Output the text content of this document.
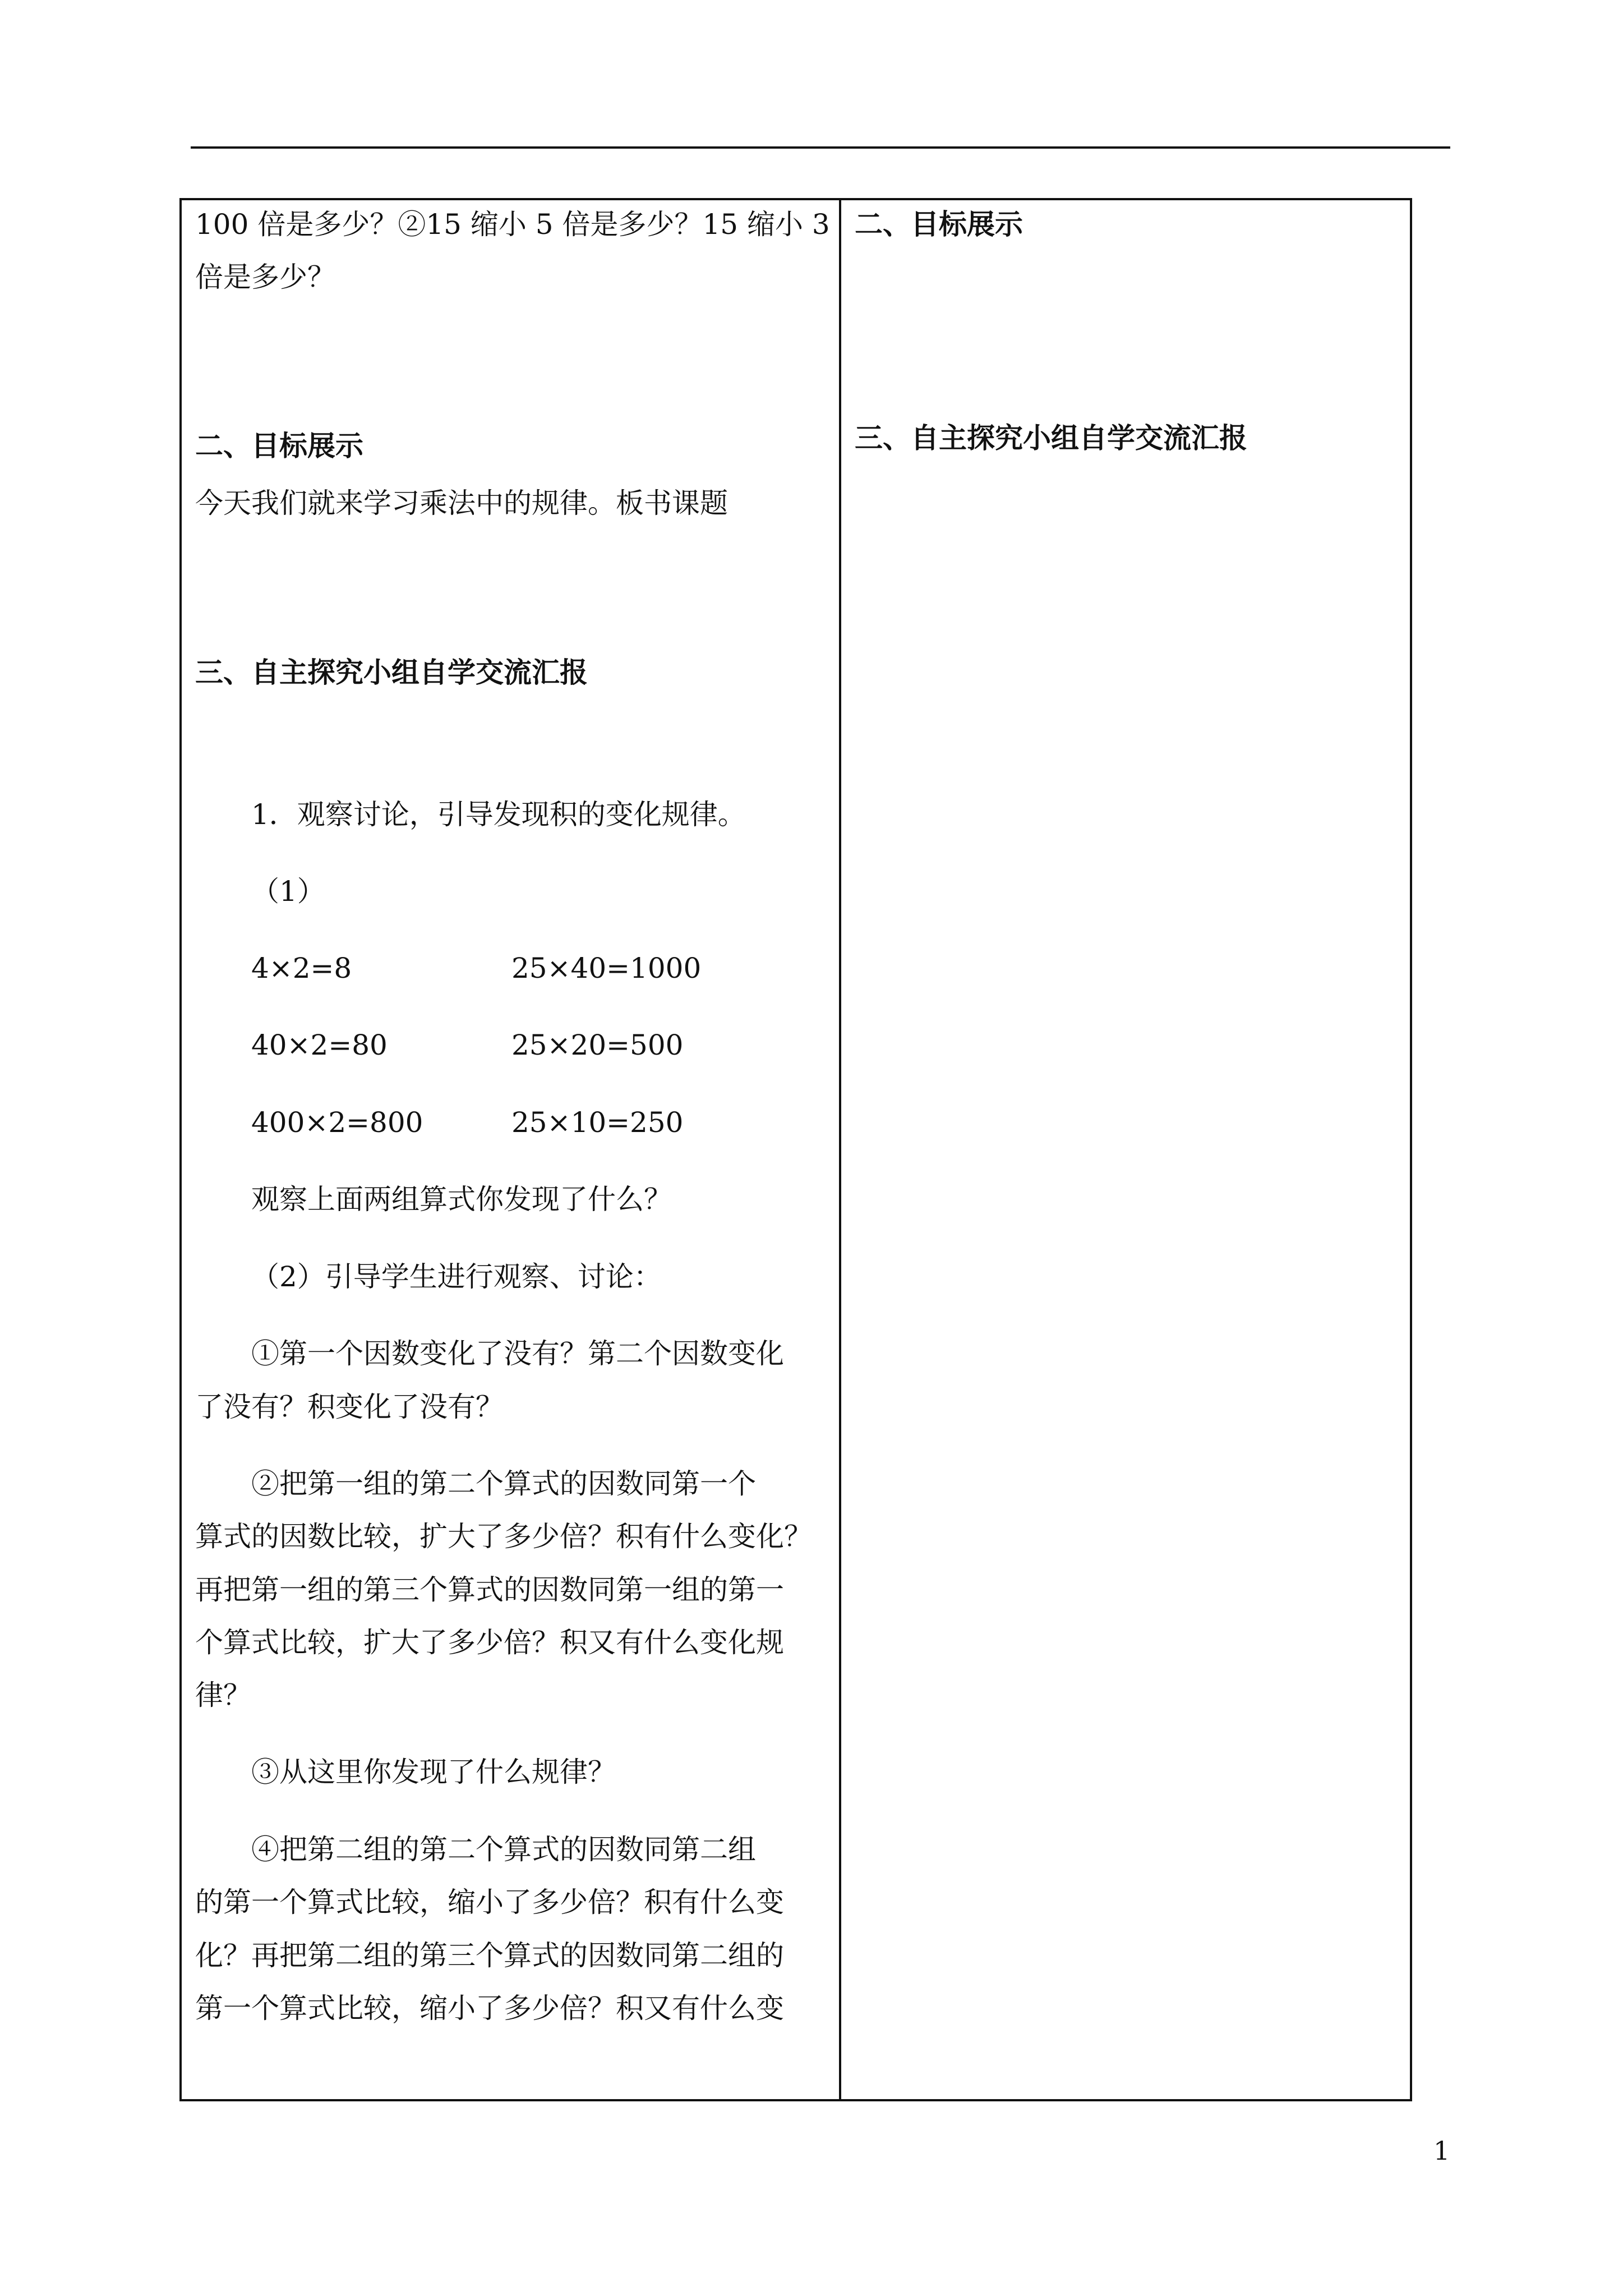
100 倍是多少？②15 缩小 5 倍是多少？15 缩小 3
倍是多少？
二、目标展示
今天我们就来学习乘法中的规律。板书课题
三、自主探究小组自学交流汇报
1．观察讨论，引导发现积的变化规律。
（1）
4×2=8	25×40=1000
40×2=80	25×20=500
400×2=800	25×10=250
观察上面两组算式你发现了什么？
（2）引导学生进行观察、讨论：
①第一个因数变化了没有？第二个因数变化
了没有？积变化了没有？
②把第一组的第二个算式的因数同第一个
算式的因数比较，扩大了多少倍？积有什么变化？
再把第一组的第三个算式的因数同第一组的第一
个算式比较，扩大了多少倍？积又有什么变化规
律？
③从这里你发现了什么规律？
④把第二组的第二个算式的因数同第二组
的第一个算式比较，缩小了多少倍？积有什么变
化？再把第二组的第三个算式的因数同第二组的
第一个算式比较，缩小了多少倍？积又有什么变
二、目标展示
三、自主探究小组自学交流汇报
1
